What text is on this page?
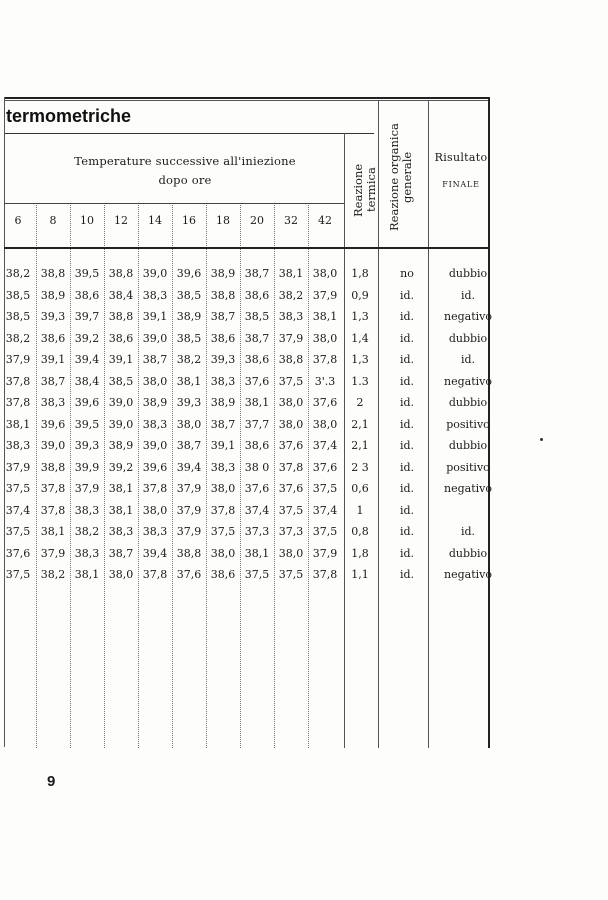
termometriche
Temperature successive all'iniezione
dopo ore
6	8	10	12	14	16	18	20	32	42
Reazione termica Reazione organica
generale	Risultato
FINALE
38,2	38,8	39,5	38,8	39,0	39,6	38,9	38,7	38,1	38,0	1,8	no	dubbio
38,5	38,9	38,6	38,4	38,3	38,5	38,8	38,6	38,2	37,9	0,9	id.	id.
38,5	39,3	39,7	38,8	39,1	38,9	38,7	38,5	38,3	38,1	1,3	id.	negativo
38,2	38,6	39,2	38,6	39,0	38,5	38,6	38,7	37,9	38,0	1,4	id.	dubbio
37,9	39,1	39,4	39,1	38,7	38,2	39,3	38,6	38,8	37,8	1,3	id.	id.
37,8	38,7	38,4	38,5	38,0	38,1	38,3	37,6	37,5	3'.3	1.3	id.	negativo
37,8	38,3	39,6	39,0	38,9	39,3	38,9	38,1	38,0	37,6	2	id.	dubbio
38,1	39,6	39,5	39,0	38,3	38,0	38,7	37,7	38,0	38,0	2,1	id.	positivo
38,3	39,0	39,3	38,9	39,0	38,7	39,1	38,6	37,6	37,4	2,1	id.	dubbio
37,9	38,8	39,9	39,2	39,6	39,4	38,3	38 0	37,8	37,6	2 3	id.	positivo
37,5	37,8	37,9	38,1	37,8	37,9	38,0	37,6	37,6	37,5	0,6	id.	negativo
37,4	37,8	38,3	38,1	38,0	37,9	37,8	37,4	37,5	37,4	1	id.	
37,5	38,1	38,2	38,3	38,3	37,9	37,5	37,3	37,3	37,5	0,8	id.	id.
37,6	37,9	38,3	38,7	39,4	38,8	38,0	38,1	38,0	37,9	1,8	id.	dubbio
37,5	38,2	38,1	38,0	37,8	37,6	38,6	37,5	37,5	37,8	1,1	id.	negativo
9
